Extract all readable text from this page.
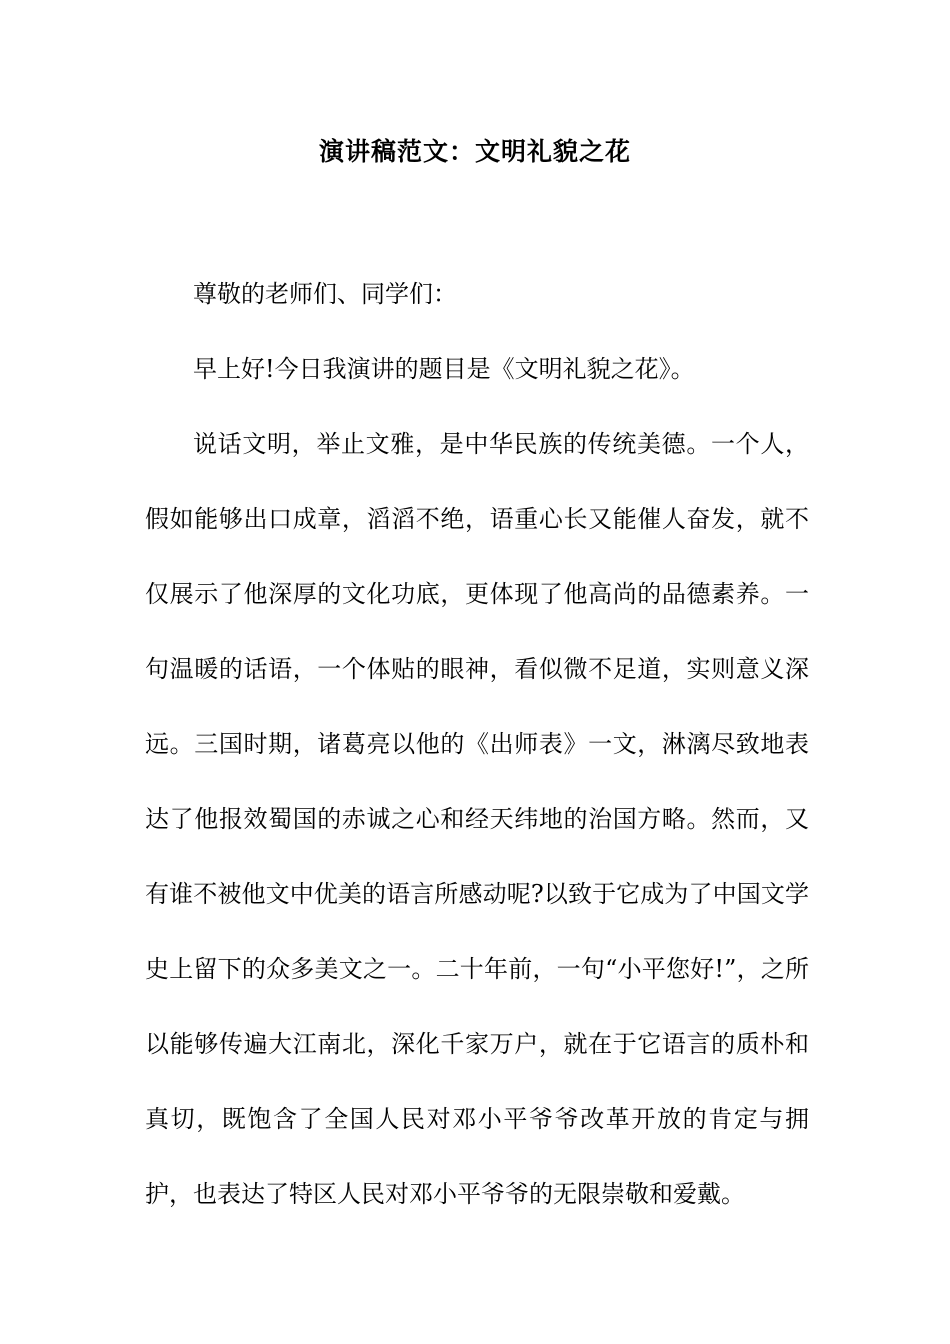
演讲稿范文：文明礼貌之花

尊敬的老师们、同学们：

早上好!今日我演讲的题目是《文明礼貌之花》。

说话文明，举止文雅，是中华民族的传统美德。一个人，假如能够出口成章，滔滔不绝，语重心长又能催人奋发，就不仅展示了他深厚的文化功底，更体现了他高尚的品德素养。一句温暖的话语，一个体贴的眼神，看似微不足道，实则意义深远。三国时期，诸葛亮以他的《出师表》一文，淋漓尽致地表达了他报效蜀国的赤诚之心和经天纬地的治国方略。然而，又有谁不被他文中优美的语言所感动呢?以致于它成为了中国文学史上留下的众多美文之一。二十年前，一句“小平您好!”，之所以能够传遍大江南北，深化千家万户，就在于它语言的质朴和真切，既饱含了全国人民对邓小平爷爷改革开放的肯定与拥护，也表达了特区人民对邓小平爷爷的无限崇敬和爱戴。
